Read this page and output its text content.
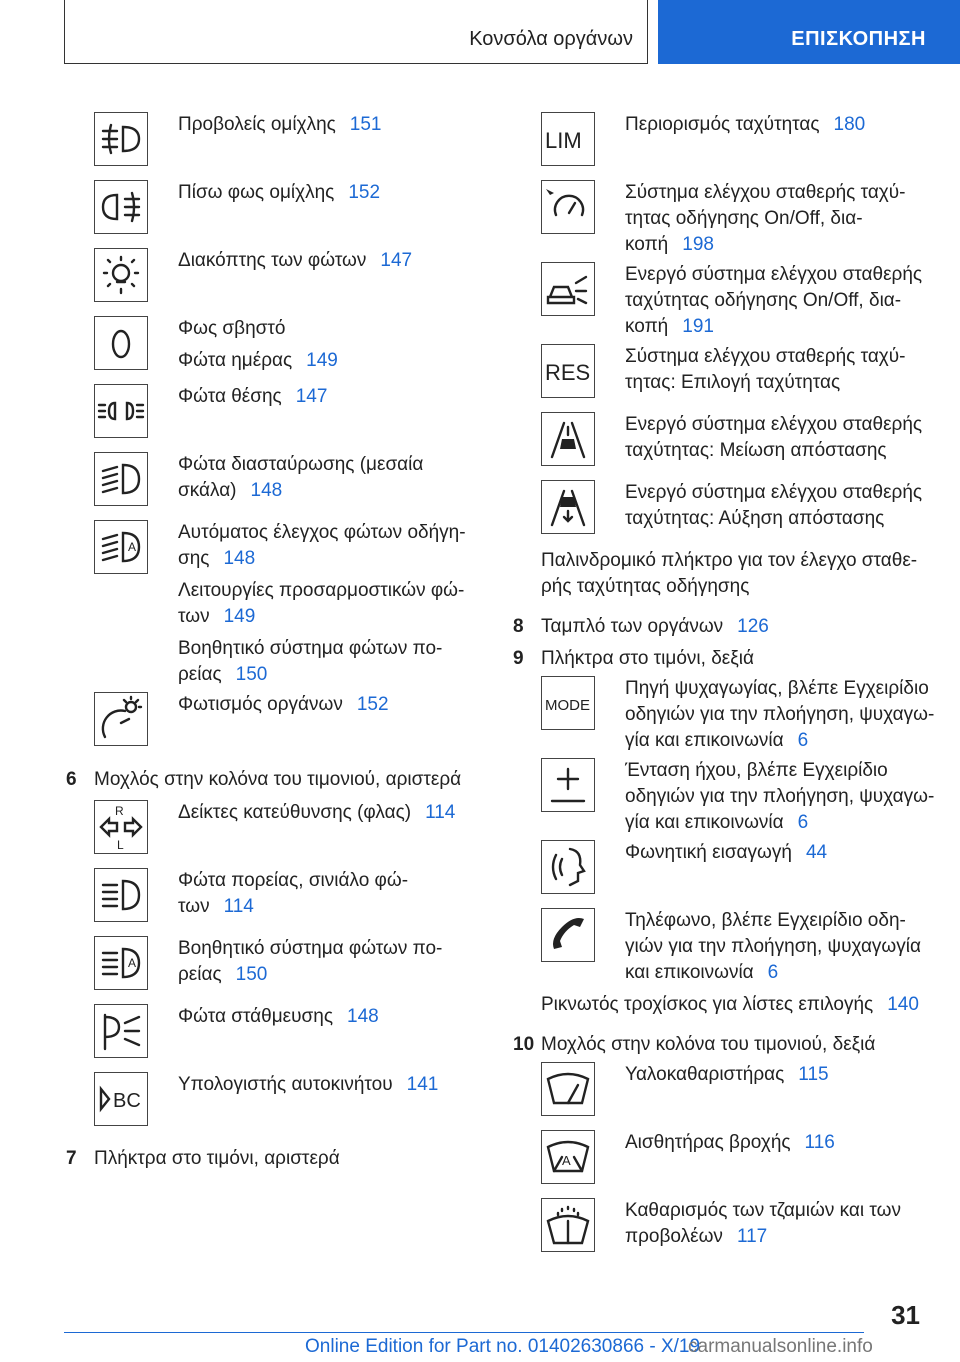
Κονσόλα οργάνων	ΕΠΙΣΚΟΠΗΣΗ
Προβολείς ομίχλης 151
Πίσω φως ομίχλης 152
Διακόπτης των φώτων 147
Φως σβηστό
Φώτα ημέρας 149
Φώτα θέσης 147
Φώτα διασταύρωσης (μεσαία
σκάλα) 148
A
Αυτόματος έλεγχος φώτων οδήγη-
σης 148
Λειτουργίες προσαρμοστικών φώ-
των 149
Βοηθητικό σύστημα φώτων πο-
ρείας 150
Φωτισμός οργάνων 152
6 Μοχλός στην κολόνα του τιμονιού, αριστερά
R
L
Δείκτες κατεύθυνσης (φλας) 114
Φώτα πορείας, σινιάλο φώ-
των 114
A
Βοηθητικό σύστημα φώτων πο-
ρείας 150
Φώτα στάθμευσης 148
BC
Υπολογιστής αυτοκινήτου 141
7 Πλήκτρα στο τιμόνι, αριστερά
LIM
Περιορισμός ταχύτητας 180
Σύστημα ελέγχου σταθερής ταχύ-
τητας οδήγησης On/Off, δια-
κοπή 198
Ενεργό σύστημα ελέγχου σταθερής
ταχύτητας οδήγησης On/Off, δια-
κοπή 191
RES
Σύστημα ελέγχου σταθερής ταχύ-
τητας: Επιλογή ταχύτητας
Ενεργό σύστημα ελέγχου σταθερής
ταχύτητας: Μείωση απόστασης
Ενεργό σύστημα ελέγχου σταθερής
ταχύτητας: Αύξηση απόστασης
Παλινδρομικό πλήκτρο για τον έλεγχο σταθε-
ρής ταχύτητας οδήγησης
8 Ταμπλό των οργάνων 126
9 Πλήκτρα στο τιμόνι, δεξιά
MODE
Πηγή ψυχαγωγίας, βλέπε Εγχειρίδιο
οδηγιών για την πλοήγηση, ψυχαγω-
γία και επικοινωνία 6
Ένταση ήχου, βλέπε Εγχειρίδιο
οδηγιών για την πλοήγηση, ψυχαγω-
γία και επικοινωνία 6
Φωνητική εισαγωγή 44
Τηλέφωνο, βλέπε Εγχειρίδιο οδη-
γιών για την πλοήγηση, ψυχαγωγία
και επικοινωνία 6
Ρικνωτός τροχίσκος για λίστες επιλογής 140
10 Μοχλός στην κολόνα του τιμονιού, δεξιά
Υαλοκαθαριστήρας 115
A
Αισθητήρας βροχής 116
Καθαρισμός των τζαμιών και των
προβολέων 117
31
Online Edition for Part no. 01402630866 - X/19
carmanualsonline.info
